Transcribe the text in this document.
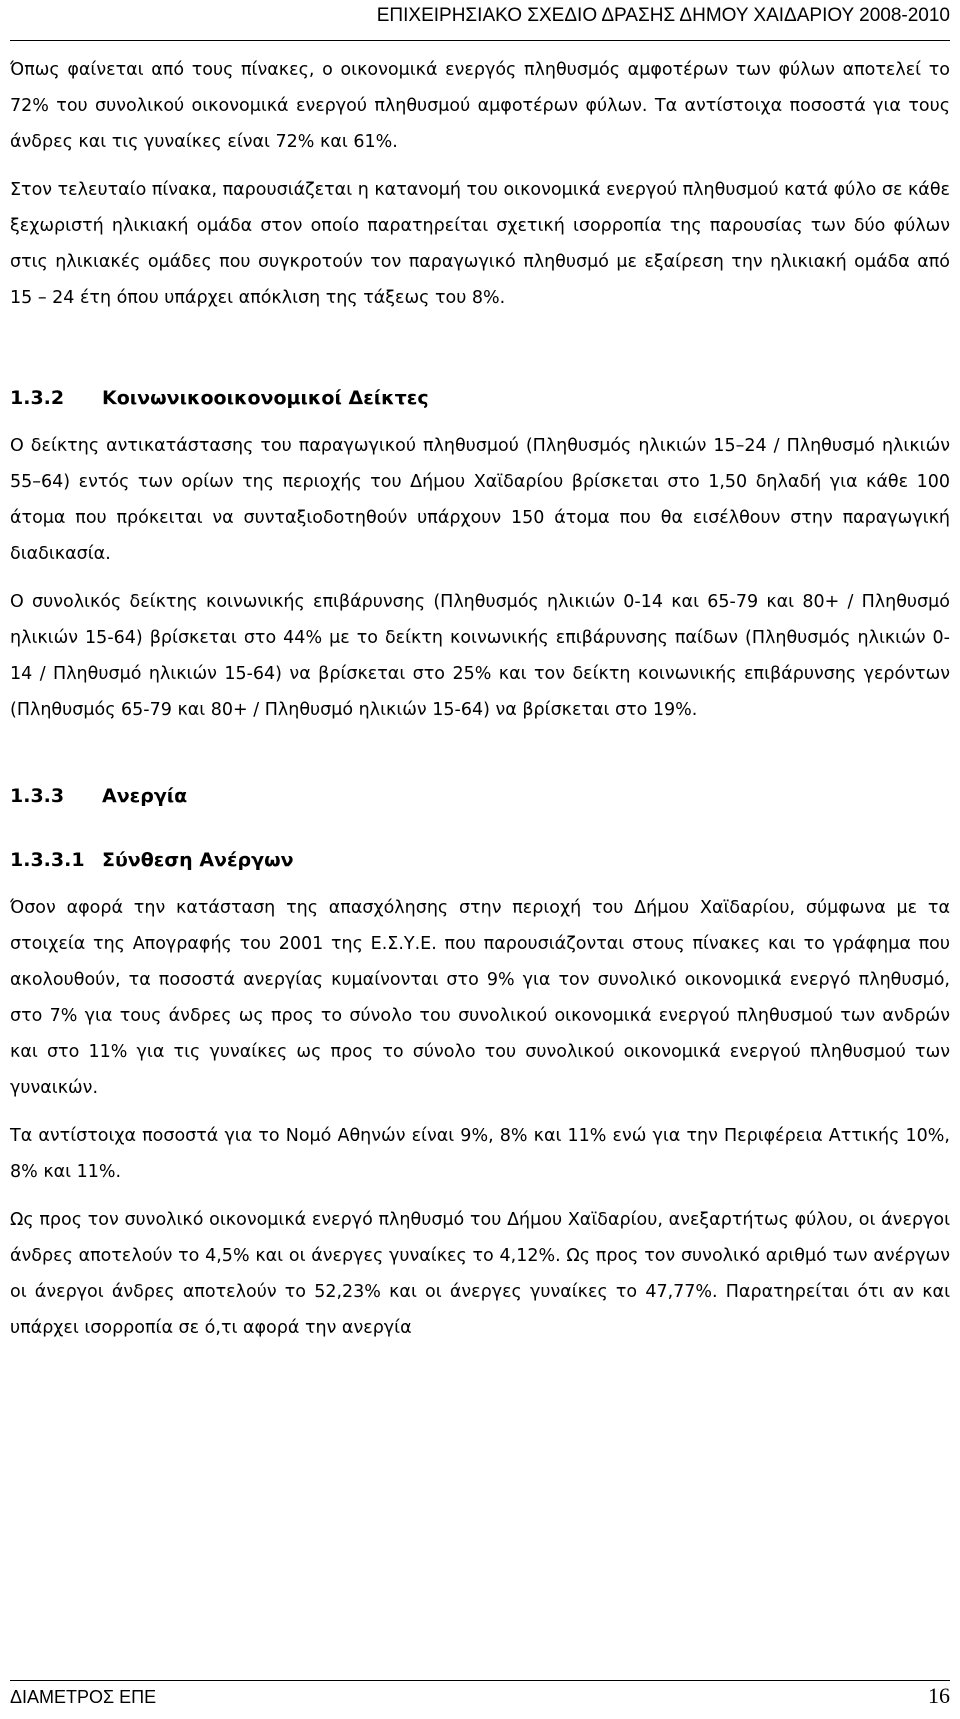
ΕΠΙΧΕΙΡΗΣΙΑΚΟ ΣΧΕΔΙΟ ΔΡΑΣΗΣ ΔΗΜΟΥ ΧΑΙΔΑΡΙΟΥ 2008-2010

Όπως φαίνεται από τους πίνακες, ο οικονομικά ενεργός πληθυσμός αμφοτέρων των φύλων αποτελεί το 72% του συνολικού οικονομικά ενεργού πληθυσμού αμφοτέρων φύλων. Τα αντίστοιχα ποσοστά για τους άνδρες και τις γυναίκες είναι 72% και 61%.

Στον τελευταίο πίνακα, παρουσιάζεται η κατανομή του οικονομικά ενεργού πληθυσμού κατά φύλο σε κάθε ξεχωριστή ηλικιακή ομάδα στον οποίο παρατηρείται σχετική ισορροπία της παρουσίας των δύο φύλων στις ηλικιακές ομάδες που συγκροτούν τον παραγωγικό πληθυσμό με εξαίρεση την ηλικιακή ομάδα από 15 – 24 έτη όπου υπάρχει απόκλιση της τάξεως του 8%.

1.3.2 Κοινωνικοοικονομικοί Δείκτες

Ο δείκτης αντικατάστασης του παραγωγικού πληθυσμού (Πληθυσμός ηλικιών 15–24 / Πληθυσμό ηλικιών 55–64) εντός των ορίων της περιοχής του Δήμου Χαϊδαρίου βρίσκεται στο 1,50 δηλαδή για κάθε 100 άτομα που πρόκειται να συνταξιοδοτηθούν υπάρχουν 150 άτομα που θα εισέλθουν στην παραγωγική διαδικασία.

Ο συνολικός δείκτης κοινωνικής επιβάρυνσης (Πληθυσμός ηλικιών 0-14 και 65-79 και 80+ / Πληθυσμό ηλικιών 15-64) βρίσκεται στο 44% με το δείκτη κοινωνικής επιβάρυνσης παίδων (Πληθυσμός ηλικιών 0-14 / Πληθυσμό ηλικιών 15-64) να βρίσκεται στο 25% και τον δείκτη κοινωνικής επιβάρυνσης γερόντων (Πληθυσμός 65-79 και 80+ / Πληθυσμό ηλικιών 15-64) να βρίσκεται στο 19%.

1.3.3 Ανεργία
1.3.3.1 Σύνθεση Ανέργων

Όσον αφορά την κατάσταση της απασχόλησης στην περιοχή του Δήμου Χαϊδαρίου, σύμφωνα με τα στοιχεία της Απογραφής του 2001 της Ε.Σ.Υ.Ε. που παρουσιάζονται στους πίνακες και το γράφημα που ακολουθούν, τα ποσοστά ανεργίας κυμαίνονται στο 9% για τον συνολικό οικονομικά ενεργό πληθυσμό, στο 7% για τους άνδρες ως προς το σύνολο του συνολικού οικονομικά ενεργού πληθυσμού των ανδρών και στο 11% για τις γυναίκες ως προς το σύνολο του συνολικού οικονομικά ενεργού πληθυσμού των γυναικών.

Τα αντίστοιχα ποσοστά για το Νομό Αθηνών είναι 9%, 8% και 11% ενώ για την Περιφέρεια Αττικής 10%, 8% και 11%.

Ως προς τον συνολικό οικονομικά ενεργό πληθυσμό του Δήμου Χαϊδαρίου, ανεξαρτήτως φύλου, οι άνεργοι άνδρες αποτελούν το 4,5% και οι άνεργες γυναίκες το 4,12%. Ως προς τον συνολικό αριθμό των ανέργων οι άνεργοι άνδρες αποτελούν το 52,23% και οι άνεργες γυναίκες το 47,77%. Παρατηρείται ότι αν και υπάρχει ισορροπία σε ό,τι αφορά την ανεργία

ΔΙΑΜΕΤΡΟΣ ΕΠΕ	16
